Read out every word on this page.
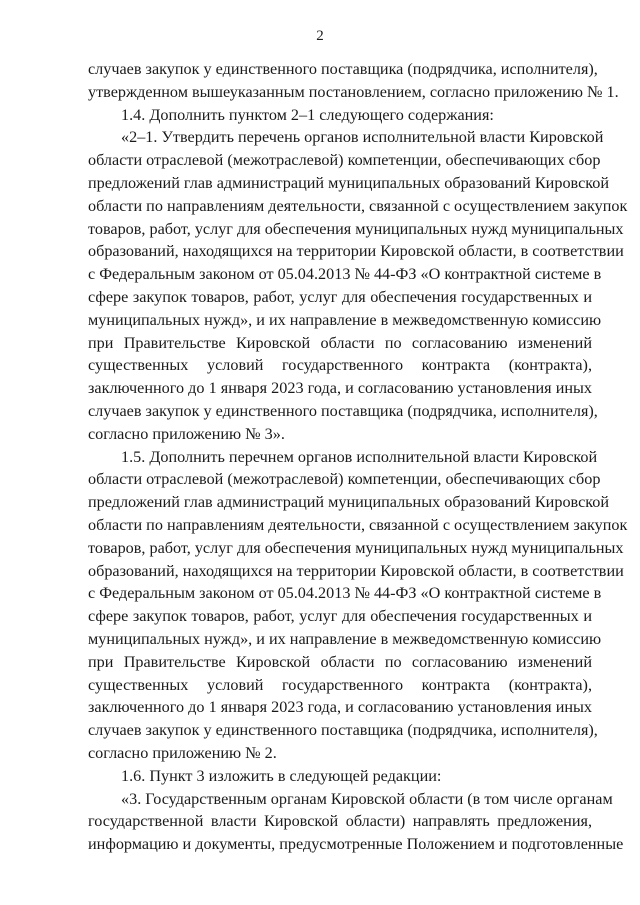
2
случаев закупок у единственного поставщика (подрядчика, исполнителя),
утвержденном вышеуказанным постановлением, согласно приложению № 1.
1.4. Дополнить пунктом 2–1 следующего содержания:
«2–1. Утвердить перечень органов исполнительной власти Кировской
области отраслевой (межотраслевой) компетенции, обеспечивающих сбор
предложений глав администраций муниципальных образований Кировской
области по направлениям деятельности, связанной с осуществлением закупок
товаров, работ, услуг для обеспечения муниципальных нужд муниципальных
образований, находящихся на территории Кировской области, в соответствии
с Федеральным законом от 05.04.2013 № 44-ФЗ «О контрактной системе в
сфере закупок товаров, работ, услуг для обеспечения государственных и
муниципальных нужд», и их направление в межведомственную комиссию
при Правительстве Кировской области по согласованию изменений
существенных условий государственного контракта (контракта),
заключенного до 1 января 2023 года, и согласованию установления иных
случаев закупок у единственного поставщика (подрядчика, исполнителя),
согласно приложению № 3».
1.5. Дополнить перечнем органов исполнительной власти Кировской
области отраслевой (межотраслевой) компетенции, обеспечивающих сбор
предложений глав администраций муниципальных образований Кировской
области по направлениям деятельности, связанной с осуществлением закупок
товаров, работ, услуг для обеспечения муниципальных нужд муниципальных
образований, находящихся на территории Кировской области, в соответствии
с Федеральным законом от 05.04.2013 № 44-ФЗ «О контрактной системе в
сфере закупок товаров, работ, услуг для обеспечения государственных и
муниципальных нужд», и их направление в межведомственную комиссию
при Правительстве Кировской области по согласованию изменений
существенных условий государственного контракта (контракта),
заключенного до 1 января 2023 года, и согласованию установления иных
случаев закупок у единственного поставщика (подрядчика, исполнителя),
согласно приложению № 2.
1.6. Пункт 3 изложить в следующей редакции:
«3. Государственным органам Кировской области (в том числе органам
государственной власти Кировской области) направлять предложения,
информацию и документы, предусмотренные Положением и подготовленные
